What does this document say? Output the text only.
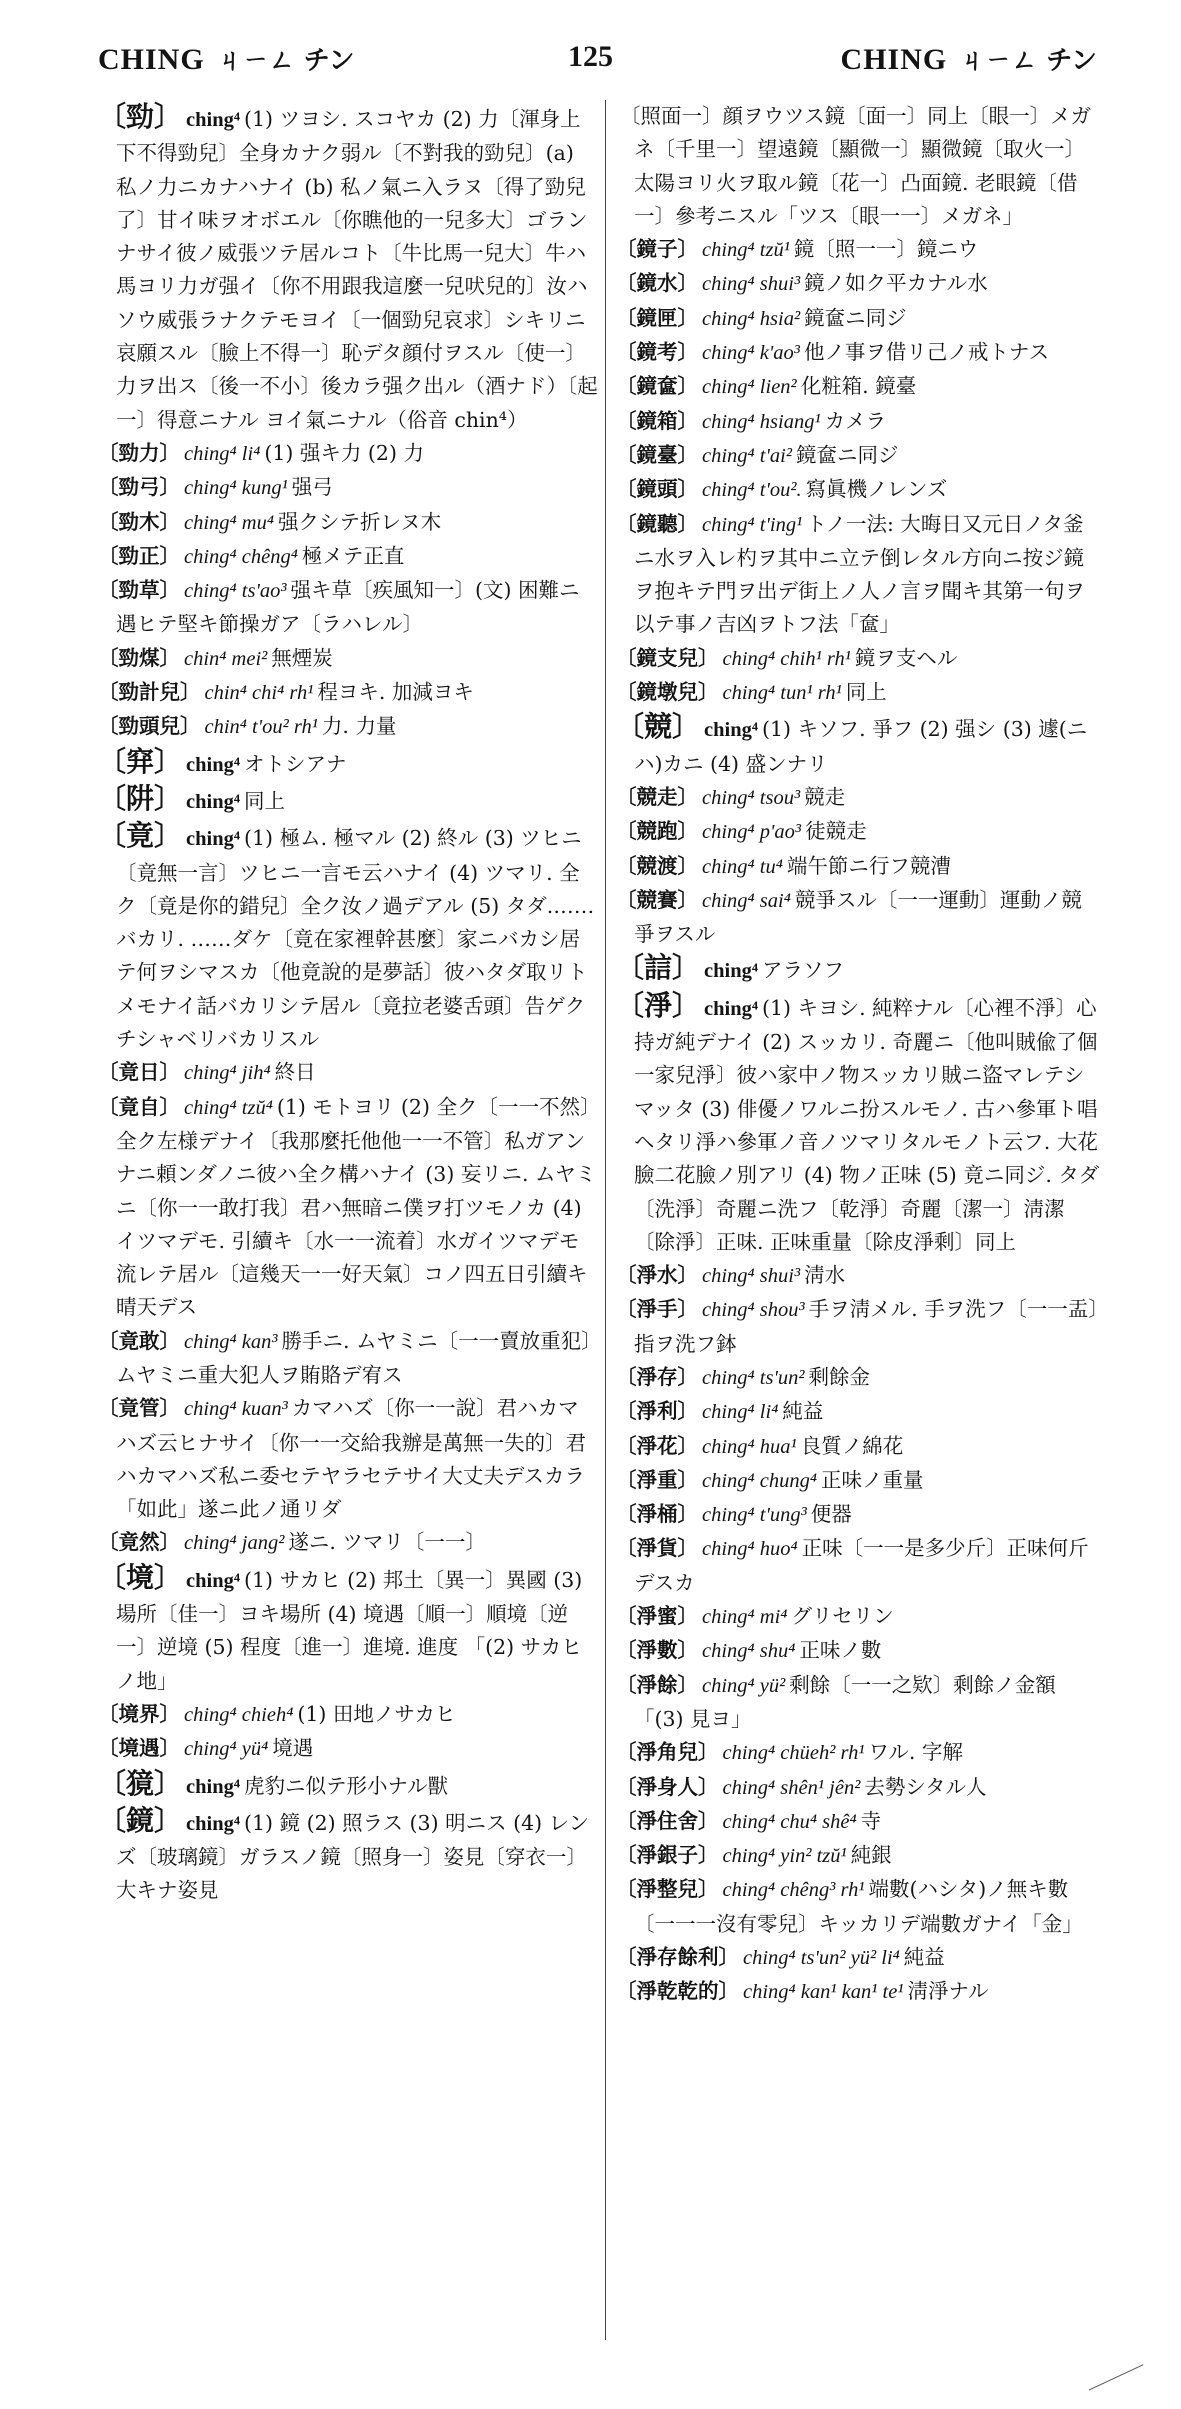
CHING ㄐㄧㄥ チン	125	CHING ㄐㄧㄥ チン
〔勁〕 ching⁴ (1) ツヨシ. スコヤカ (2) 力〔渾身上下不得勁兒〕全身カナク弱ル〔不對我的勁兒〕(a) 私ノ力ニカナハナイ (b) 私ノ氣ニ入ラヌ〔得了勁兒了〕甘イ味ヲオボエル〔你瞧他的一兒多大〕ゴランナサイ彼ノ威張ツテ居ルコト〔牛比馬一兒大〕牛ハ馬ヨリ力ガ强イ〔你不用跟我這麼一兒吠兒的〕汝ハソウ威張ラナクテモヨイ〔一個勁兒哀求〕シキリニ哀願スル〔臉上不得一〕恥デタ顔付ヲスル〔使一〕力ヲ出ス〔後一不小〕後カラ强ク出ル（酒ナド）〔起一〕得意ニナル ヨイ氣ニナル（俗音 chin⁴）
〔勁力〕 ching⁴ li⁴ (1) 强キ力 (2) 力
〔勁弓〕 ching⁴ kung¹ 强弓
〔勁木〕 ching⁴ mu⁴ 强クシテ折レヌ木
〔勁正〕 ching⁴ chêng⁴ 極メテ正直
〔勁草〕 ching⁴ ts'ao³ 强キ草〔疾風知一〕(文) 困難ニ遇ヒテ堅キ節操ガア〔ラハレル〕
〔勁煤〕 chin⁴ mei² 無煙炭
〔勁計兒〕 chin⁴ chi⁴ rh¹ 程ヨキ. 加減ヨキ
〔勁頭兒〕 chin⁴ t'ou² rh¹ 力. 力量
〔穽〕 ching⁴ オトシアナ
〔阱〕 ching⁴ 同上
〔竟〕 ching⁴ (1) 極ム. 極マル (2) 終ル (3) ツヒニ〔竟無一言〕ツヒニ一言モ云ハナイ (4) ツマリ. 全ク〔竟是你的錯兒〕全ク汝ノ過デアル (5) タダ.……バカリ. ……ダケ〔竟在家裡幹甚麼〕家ニバカシ居テ何ヲシマスカ〔他竟說的是夢話〕彼ハタダ取リトメモナイ話バカリシテ居ル〔竟拉老婆舌頭〕告ゲクチシャベリバカリスル
〔竟日〕 ching⁴ jih⁴ 終日
〔竟自〕 ching⁴ tzŭ⁴ (1) モトヨリ (2) 全ク〔一一不然〕全ク左様デナイ〔我那麼托他他一一不管〕私ガアンナニ頼ンダノニ彼ハ全ク構ハナイ (3) 妄リニ. ムヤミニ〔你一一敢打我〕君ハ無暗ニ僕ヲ打ツモノカ (4) イツマデモ. 引續キ〔水一一流着〕水ガイツマデモ流レテ居ル〔這幾天一一好天氣〕コノ四五日引續キ晴天デス
〔竟敢〕 ching⁴ kan³ 勝手ニ. ムヤミニ〔一一賣放重犯〕ムヤミニ重大犯人ヲ賄賂デ宥ス
〔竟管〕 ching⁴ kuan³ カマハズ〔你一一說〕君ハカマハズ云ヒナサイ〔你一一交給我辦是萬無一失的〕君ハカマハズ私ニ委セテヤラセテサイ大丈夫デスカラ「如此」遂ニ此ノ通リダ
〔竟然〕 ching⁴ jang² 遂ニ. ツマリ〔一一〕
〔境〕 ching⁴ (1) サカヒ (2) 邦土〔異一〕異國 (3) 場所〔佳一〕ヨキ場所 (4) 境遇〔順一〕順境〔逆一〕逆境 (5) 程度〔進一〕進境. 進度 「(2) サカヒノ地」
〔境界〕 ching⁴ chieh⁴ (1) 田地ノサカヒ
〔境遇〕 ching⁴ yü⁴ 境遇
〔獍〕 ching⁴ 虎豹ニ似テ形小ナル獸
〔鏡〕 ching⁴ (1) 鏡 (2) 照ラス (3) 明ニス (4) レンズ〔玻璃鏡〕ガラスノ鏡〔照身一〕姿見〔穿衣一〕大キナ姿見
〔照面一〕顔ヲウツス鏡〔面一〕同上〔眼一〕メガネ〔千里一〕望遠鏡〔顯微一〕顯微鏡〔取火一〕太陽ヨリ火ヲ取ル鏡〔花一〕凸面鏡. 老眼鏡〔借一〕參考ニスル「ツス〔眼一一〕メガネ」
〔鏡子〕 ching⁴ tzŭ¹ 鏡〔照一一〕鏡ニウ
〔鏡水〕 ching⁴ shui³ 鏡ノ如ク平カナル水
〔鏡匣〕 ching⁴ hsia² 鏡奩ニ同ジ
〔鏡考〕 ching⁴ k'ao³ 他ノ事ヲ借リ己ノ戒トナス
〔鏡奩〕 ching⁴ lien² 化粧箱. 鏡臺
〔鏡箱〕 ching⁴ hsiang¹ カメラ
〔鏡臺〕 ching⁴ t'ai² 鏡奩ニ同ジ
〔鏡頭〕 ching⁴ t'ou². 寫眞機ノレンズ
〔鏡聽〕 ching⁴ t'ing¹ トノ一法: 大晦日又元日ノタ釜ニ水ヲ入レ杓ヲ其中ニ立テ倒レタル方向ニ按ジ鏡ヲ抱キテ門ヲ出デ街上ノ人ノ言ヲ聞キ其第一句ヲ以テ事ノ吉凶ヲトフ法「奩」
〔鏡支兒〕 ching⁴ chih¹ rh¹ 鏡ヲ支ヘル
〔鏡墩兒〕 ching⁴ tun¹ rh¹ 同上
〔競〕 ching⁴ (1) キソフ. 爭フ (2) 强シ (3) 遽(ニハ)カニ (4) 盛ンナリ
〔競走〕 ching⁴ tsou³ 競走
〔競跑〕 ching⁴ p'ao³ 徒競走
〔競渡〕 ching⁴ tu⁴ 端午節ニ行フ競漕
〔競賽〕 ching⁴ sai⁴ 競爭スル〔一一運動〕運動ノ競爭ヲスル
〔誩〕 ching⁴ アラソフ
〔淨〕 ching⁴ (1) キヨシ. 純粹ナル〔心裡不淨〕心持ガ純デナイ (2) スッカリ. 奇麗ニ〔他叫賊偸了個一家兒淨〕彼ハ家中ノ物スッカリ賊ニ盜マレテシマッタ (3) 俳優ノワルニ扮スルモノ. 古ハ參軍ト唱ヘタリ淨ハ參軍ノ音ノツマリタルモノト云フ. 大花臉二花臉ノ別アリ (4) 物ノ正味 (5) 竟ニ同ジ. タダ〔洗淨〕奇麗ニ洗フ〔乾淨〕奇麗〔潔一〕淸潔〔除淨〕正味. 正味重量〔除皮淨剩〕同上
〔淨水〕 ching⁴ shui³ 淸水
〔淨手〕 ching⁴ shou³ 手ヲ淸メル. 手ヲ洗フ〔一一盂〕指ヲ洗フ鉢
〔淨存〕 ching⁴ ts'un² 剩餘金
〔淨利〕 ching⁴ li⁴ 純益
〔淨花〕 ching⁴ hua¹ 良質ノ綿花
〔淨重〕 ching⁴ chung⁴ 正味ノ重量
〔淨桶〕 ching⁴ t'ung³ 便器
〔淨貨〕 ching⁴ huo⁴ 正味〔一一是多少斤〕正味何斤デスカ
〔淨蜜〕 ching⁴ mi⁴ グリセリン
〔淨數〕 ching⁴ shu⁴ 正味ノ數
〔淨餘〕 ching⁴ yü² 剩餘〔一一之欵〕剩餘ノ金額「(3) 見ヨ」
〔淨角兒〕 ching⁴ chüeh² rh¹ ワル. 字解
〔淨身人〕 ching⁴ shên¹ jên² 去勢シタル人
〔淨住舍〕 ching⁴ chu⁴ shê⁴ 寺
〔淨銀子〕 ching⁴ yin² tzŭ¹ 純銀
〔淨整兒〕 ching⁴ chêng³ rh¹ 端數(ハシタ)ノ無キ數〔一一一沒有零兒〕キッカリデ端數ガナイ「金」
〔淨存餘利〕 ching⁴ ts'un² yü² li⁴ 純益
〔淨乾乾的〕 ching⁴ kan¹ kan¹ te¹ 淸淨ナル
